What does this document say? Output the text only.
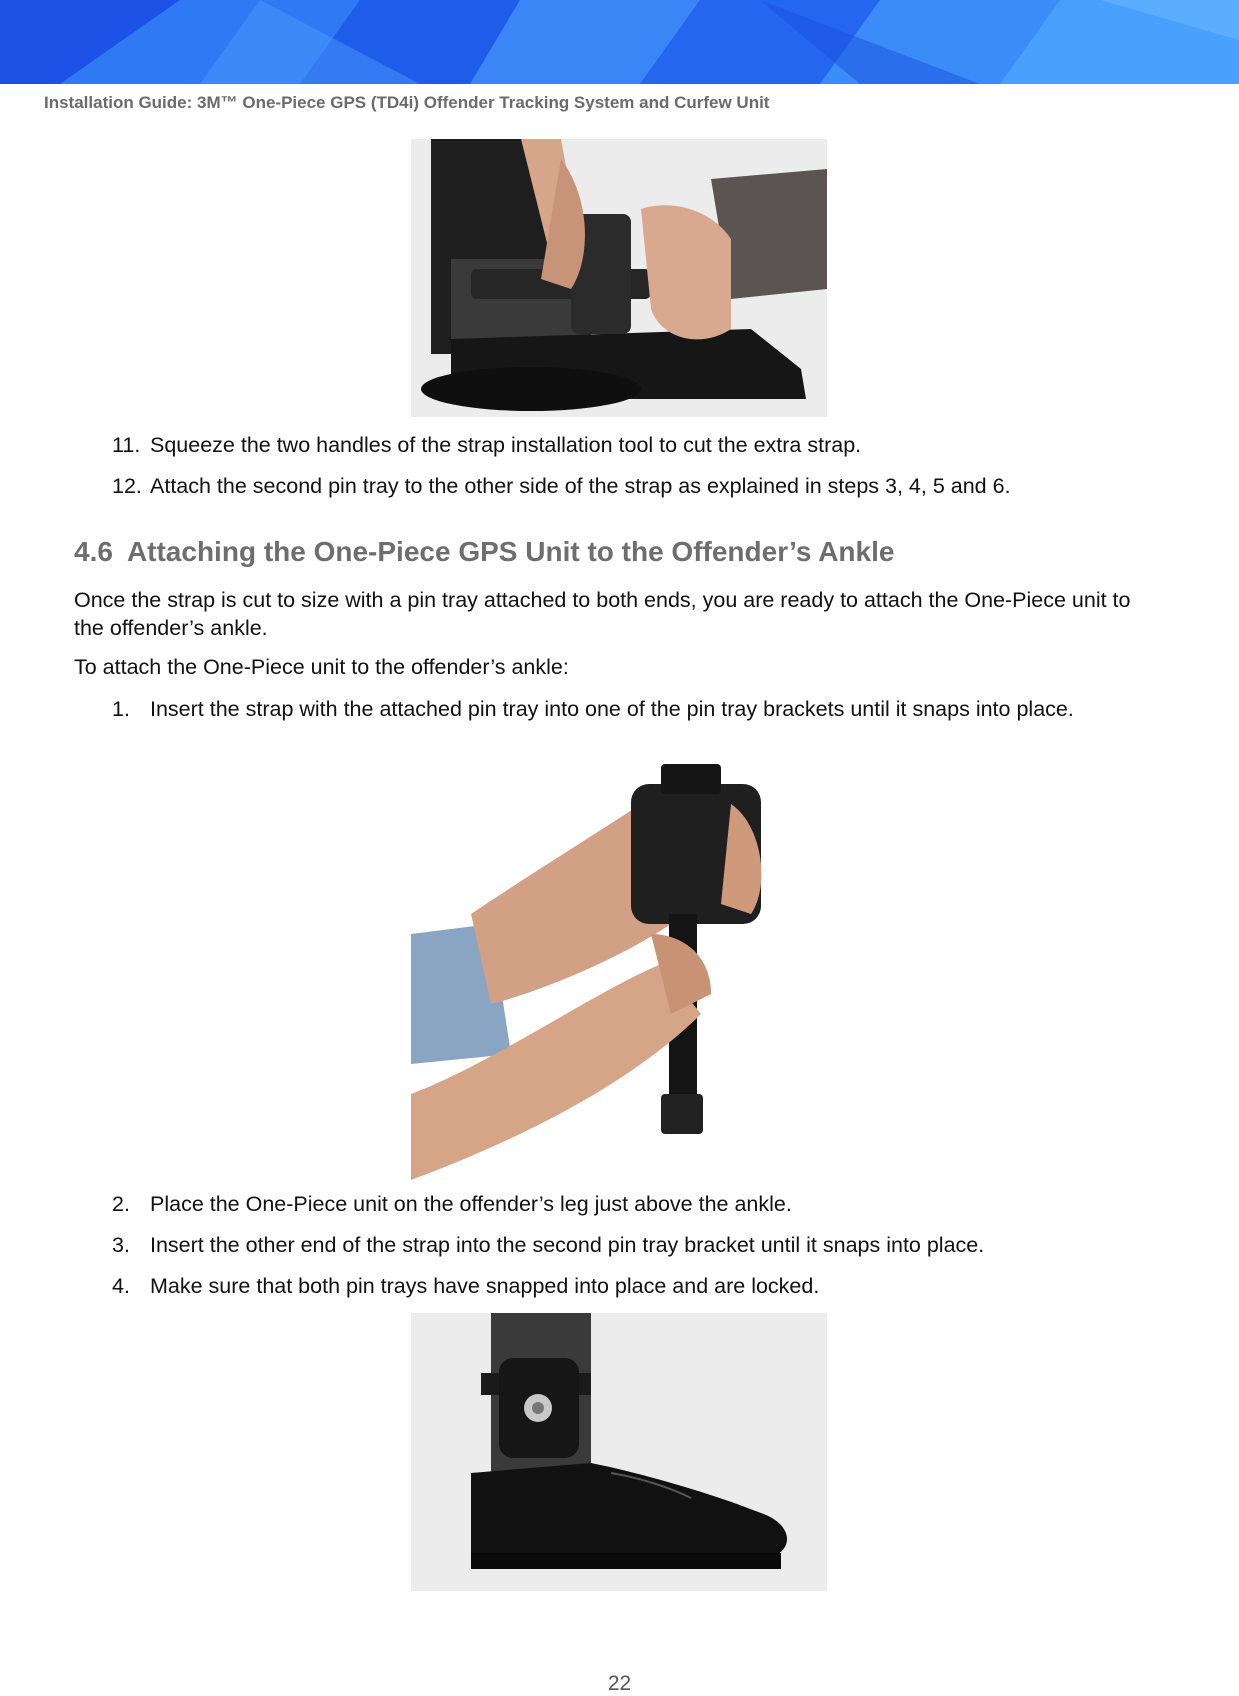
Installation Guide: 3M™ One-Piece GPS (TD4i) Offender Tracking System and Curfew Unit
11. Squeeze the two handles of the strap installation tool to cut the extra strap.
12. Attach the second pin tray to the other side of the strap as explained in steps 3, 4, 5 and 6.
4.6 Attaching the One-Piece GPS Unit to the Offender’s Ankle
Once the strap is cut to size with a pin tray attached to both ends, you are ready to attach the One-Piece unit to the offender’s ankle.
To attach the One-Piece unit to the offender’s ankle:
1. Insert the strap with the attached pin tray into one of the pin tray brackets until it snaps into place.
2. Place the One-Piece unit on the offender’s leg just above the ankle.
3. Insert the other end of the strap into the second pin tray bracket until it snaps into place.
4. Make sure that both pin trays have snapped into place and are locked.
22
